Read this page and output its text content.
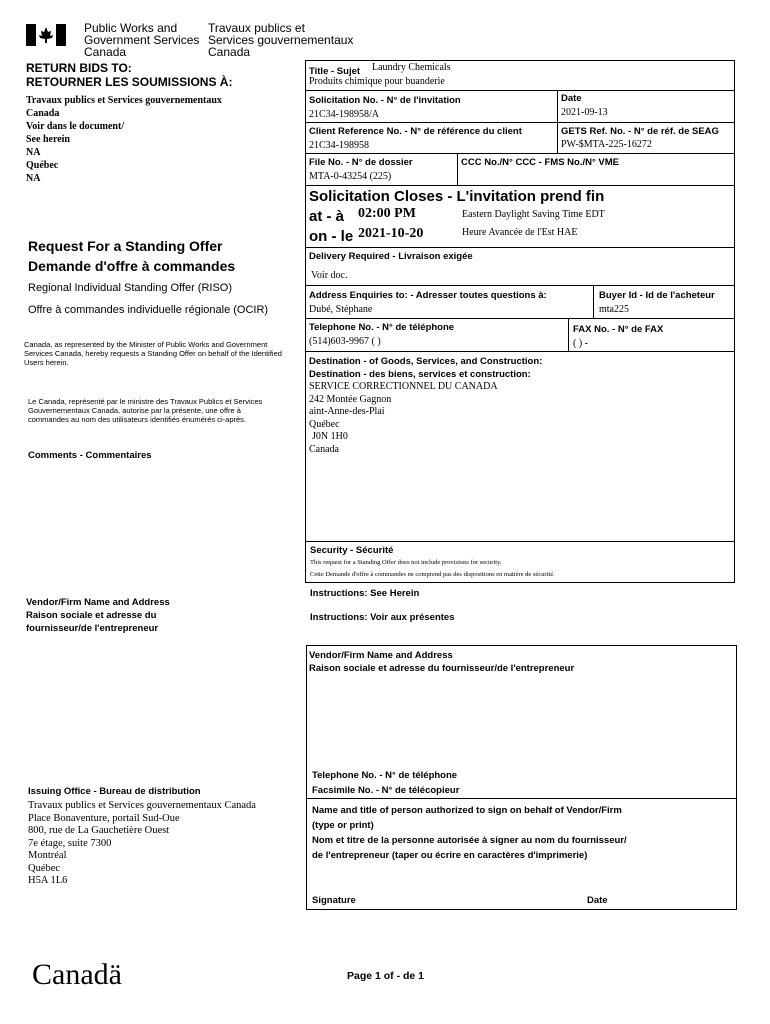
Public Works and
Government Services
Canada
Travaux publics et
Services gouvernementaux
Canada
RETURN BIDS TO:
RETOURNER LES SOUMISSIONS À:
Travaux publics et Services gouvernementaux
Canada
Voir dans le document/
See herein
NA
Québec
NA
Request For a Standing Offer
Demande d'offre à commandes
Regional Individual Standing Offer (RISO)
Offre à commandes individuelle régionale (OCIR)
Canada, as represented by the Minister of Public Works and Government Services Canada, hereby requests a Standing Offer on behalf of the Identified Users herein.
Le Canada, représenté par le ministre des Travaux Publics et Services Gouvernementaux Canada, autorise par la présente, une offre à commandes au nom des utilisateurs identifiés énumérés ci-après.
Comments - Commentaires
Vendor/Firm Name and Address
Raison sociale et adresse du
fournisseur/de l'entrepreneur
Issuing Office - Bureau de distribution
Travaux publics et Services gouvernementaux Canada
Place Bonaventure, portail Sud-Oue
800, rue de La Gauchetière Ouest
7e étage, suite 7300
Montréal
Québec
H5A 1L6
Title - Sujet Laundry Chemicals
Produits chimique pour buanderie
Solicitation No. - N° de l'invitation
21C34-198958/A
Date
2021-09-13
Client Reference No. - N° de référence du client
21C34-198958
GETS Ref. No. - N° de réf. de SEAG
PW-$MTA-225-16272
File No. - N° de dossier
MTA-0-43254 (225)
CCC No./N° CCC - FMS No./N° VME
Solicitation Closes - L'invitation prend fin
at - à 02:00 PM	Eastern Daylight Saving Time EDT
on - le 2021-10-20	Heure Avancée de l'Est HAE
Delivery Required - Livraison exigée
Voir doc.
Address Enquiries to: - Adresser toutes questions à:
Dubé, Stéphane
Buyer Id - Id de l'acheteur
mta225
Telephone No. - N° de téléphone
(514)603-9967 ( )
FAX No. - N° de FAX
( ) -
Destination - of Goods, Services, and Construction:
Destination - des biens, services et construction:
SERVICE CORRECTIONNEL DU CANADA
242 Montée Gagnon
aint-Anne-des-Plai
Québec
J0N 1H0
Canada
Security - Sécurité
This request for a Standing Offer does not include provisions for security.
Cette Demande d'offre à commandes ne comprend pas des dispositions en matière de sécurité.
Instructions: See Herein
Instructions: Voir aux présentes
Vendor/Firm Name and Address
Raison sociale et adresse du fournisseur/de l'entrepreneur
Telephone No. - N° de téléphone
Facsimile No. - N° de télécopieur
Name and title of person authorized to sign on behalf of Vendor/Firm
(type or print)
Nom et titre de la personne autorisée à signer au nom du fournisseur/
de l'entrepreneur (taper ou écrire en caractères d'imprimerie)
Signature	Date
Canadä	Page 1 of - de 1
